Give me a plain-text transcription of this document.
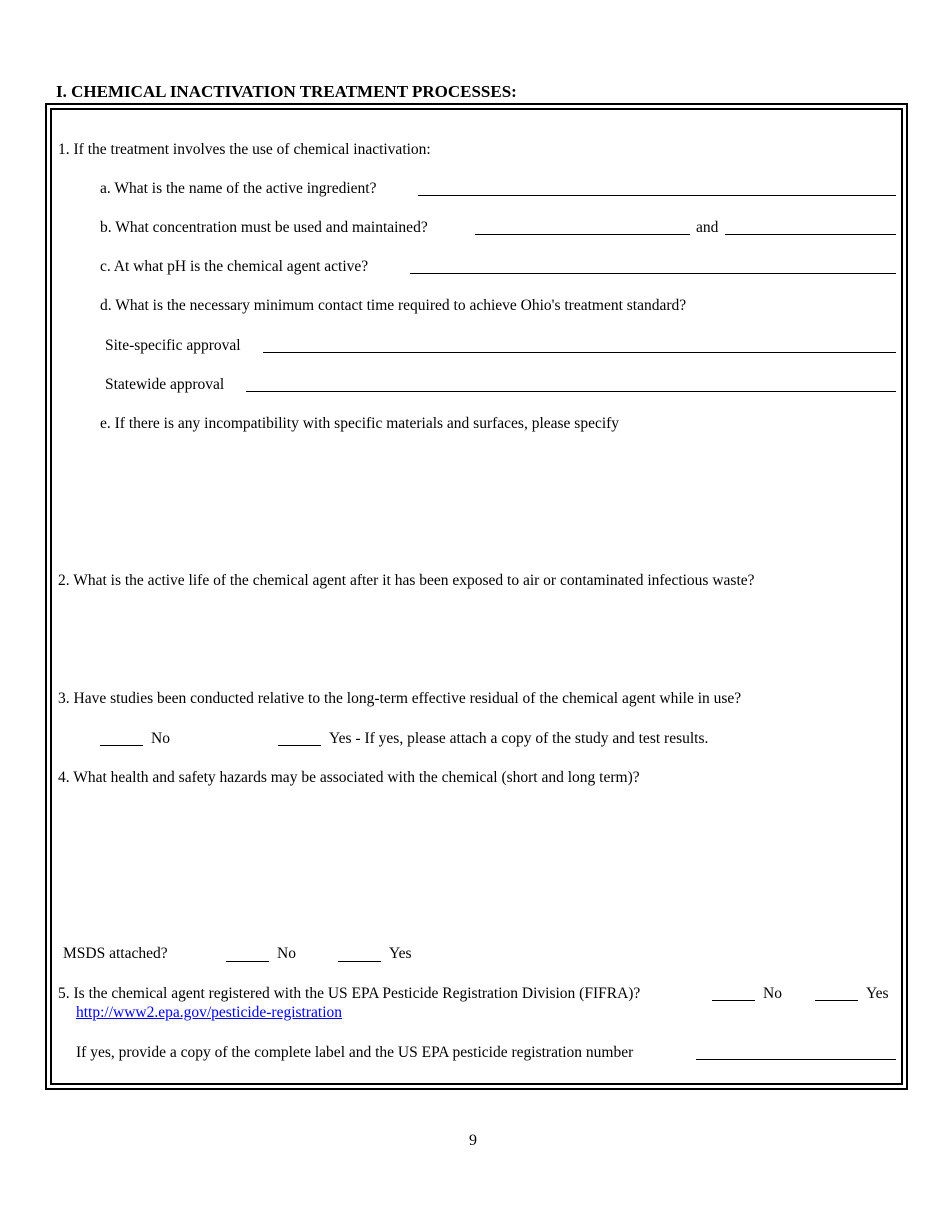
I. CHEMICAL INACTIVATION TREATMENT PROCESSES:
1. If the treatment involves the use of chemical inactivation:
a. What is the name of the active ingredient?
b. What concentration must be used and maintained?	and
c. At what pH is the chemical agent active?
d. What is the necessary minimum contact time required to achieve Ohio's treatment standard?
Site-specific approval
Statewide approval
e. If there is any incompatibility with specific materials and surfaces, please specify
2. What is the active life of the chemical agent after it has been exposed to air or contaminated infectious waste?
3. Have studies been conducted relative to the long-term effective residual of the chemical agent while in use?
No	Yes - If yes, please attach a copy of the study and test results.
4. What health and safety hazards may be associated with the chemical (short and long term)?
MSDS attached?	No	Yes
5. Is the chemical agent registered with the US EPA Pesticide Registration Division (FIFRA)?	No	Yes
http://www2.epa.gov/pesticide-registration
If yes, provide a copy of the complete label and the US EPA pesticide registration number
9
